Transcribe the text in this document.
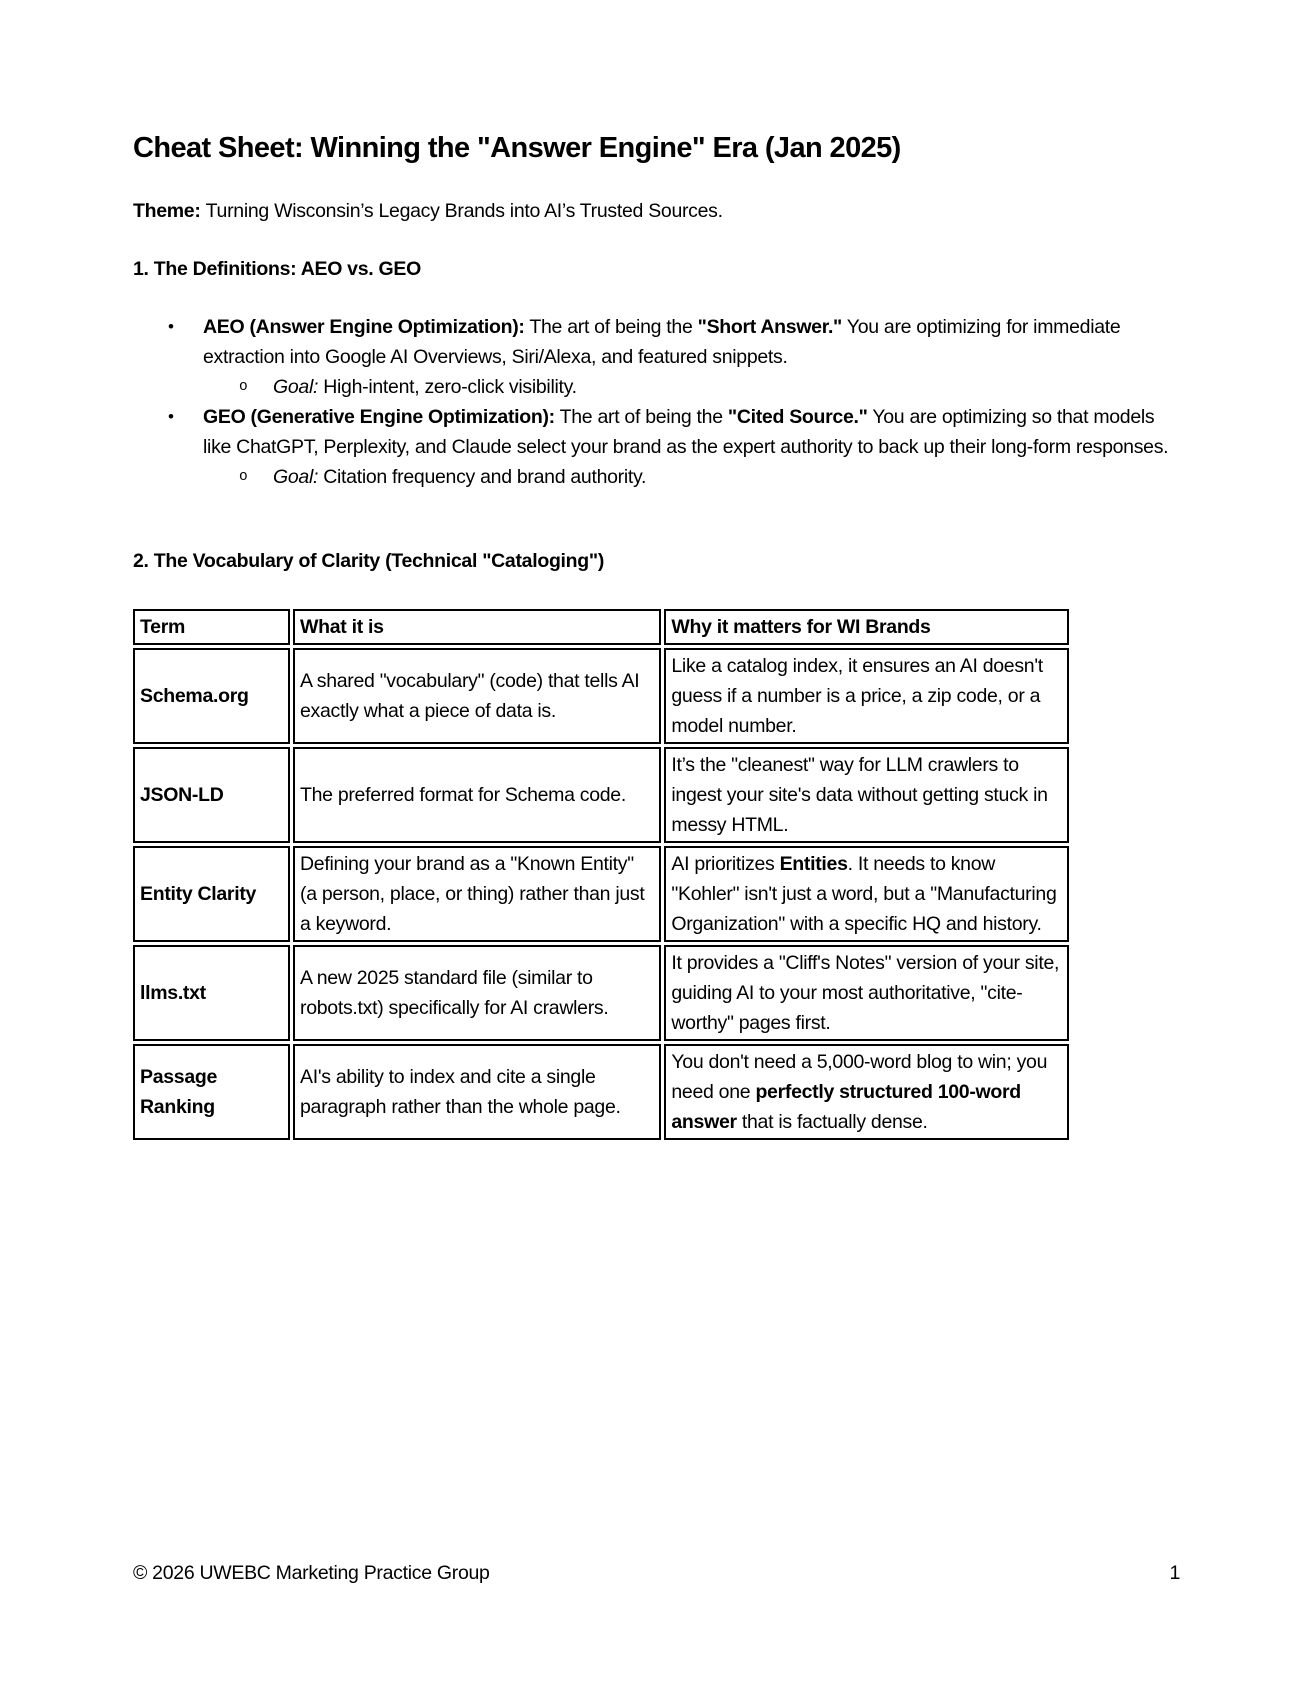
Cheat Sheet: Winning the "Answer Engine" Era (Jan 2025)

Theme: Turning Wisconsin’s Legacy Brands into AI’s Trusted Sources.

1. The Definitions: AEO vs. GEO
•	AEO (Answer Engine Optimization): The art of being the "Short Answer." You are optimizing for immediate extraction into Google AI Overviews, Siri/Alexa, and featured snippets.
o	Goal: High-intent, zero-click visibility.
•	GEO (Generative Engine Optimization): The art of being the "Cited Source." You are optimizing so that models like ChatGPT, Perplexity, and Claude select your brand as the expert authority to back up their long-form responses.
o	Goal: Citation frequency and brand authority.
2. The Vocabulary of Clarity (Technical "Cataloging")
Term	What it is	Why it matters for WI Brands
Schema.org	A shared "vocabulary" (code) that tells AI exactly what a piece of data is.	Like a catalog index, it ensures an AI doesn't guess if a number is a price, a zip code, or a model number.
JSON-LD	The preferred format for Schema code.	It’s the "cleanest" way for LLM crawlers to ingest your site's data without getting stuck in messy HTML.
Entity Clarity	Defining your brand as a "Known Entity" (a person, place, or thing) rather than just a keyword.	AI prioritizes Entities. It needs to know "Kohler" isn't just a word, but a "Manufacturing Organization" with a specific HQ and history.
llms.txt	A new 2025 standard file (similar to robots.txt) specifically for AI crawlers.	It provides a "Cliff's Notes" version of your site, guiding AI to your most authoritative, "cite-worthy" pages first.
Passage Ranking	AI's ability to index and cite a single paragraph rather than the whole page.	You don't need a 5,000-word blog to win; you need one perfectly structured 100-word answer that is factually dense.
© 2026 UWEBC Marketing Practice Group	1
